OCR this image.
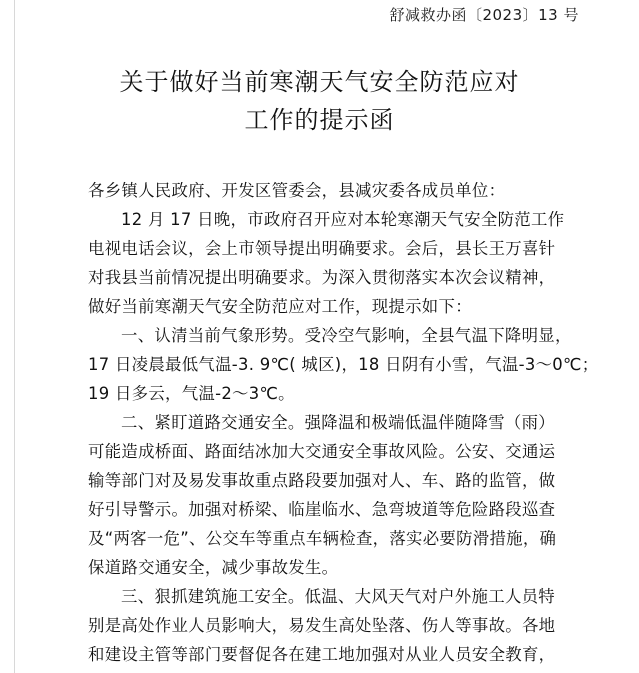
舒减救办函〔2023〕13 号
关于做好当前寒潮天气安全防范应对
工作的提示函
各乡镇人民政府、开发区管委会，县减灾委各成员单位：
12 月 17 日晚，市政府召开应对本轮寒潮天气安全防范工作
电视电话会议，会上市领导提出明确要求。会后，县长王万喜针
对我县当前情况提出明确要求。为深入贯彻落实本次会议精神，
做好当前寒潮天气安全防范应对工作，现提示如下：
一、认清当前气象形势。受冷空气影响，全县气温下降明显，
17 日凌晨最低气温-3. 9℃( 城区)，18 日阴有小雪，气温-3～0℃；
19 日多云，气温-2～3℃。
二、紧盯道路交通安全。强降温和极端低温伴随降雪（雨）
可能造成桥面、路面结冰加大交通安全事故风险。公安、交通运
输等部门对及易发事故重点路段要加强对人、车、路的监管，做
好引导警示。加强对桥梁、临崖临水、急弯坡道等危险路段巡查
及“两客一危”、公交车等重点车辆检查，落实必要防滑措施，确
保道路交通安全，减少事故发生。
三、狠抓建筑施工安全。低温、大风天气对户外施工人员特
别是高处作业人员影响大，易发生高处坠落、伤人等事故。各地
和建设主管等部门要督促各在建工地加强对从业人员安全教育，
